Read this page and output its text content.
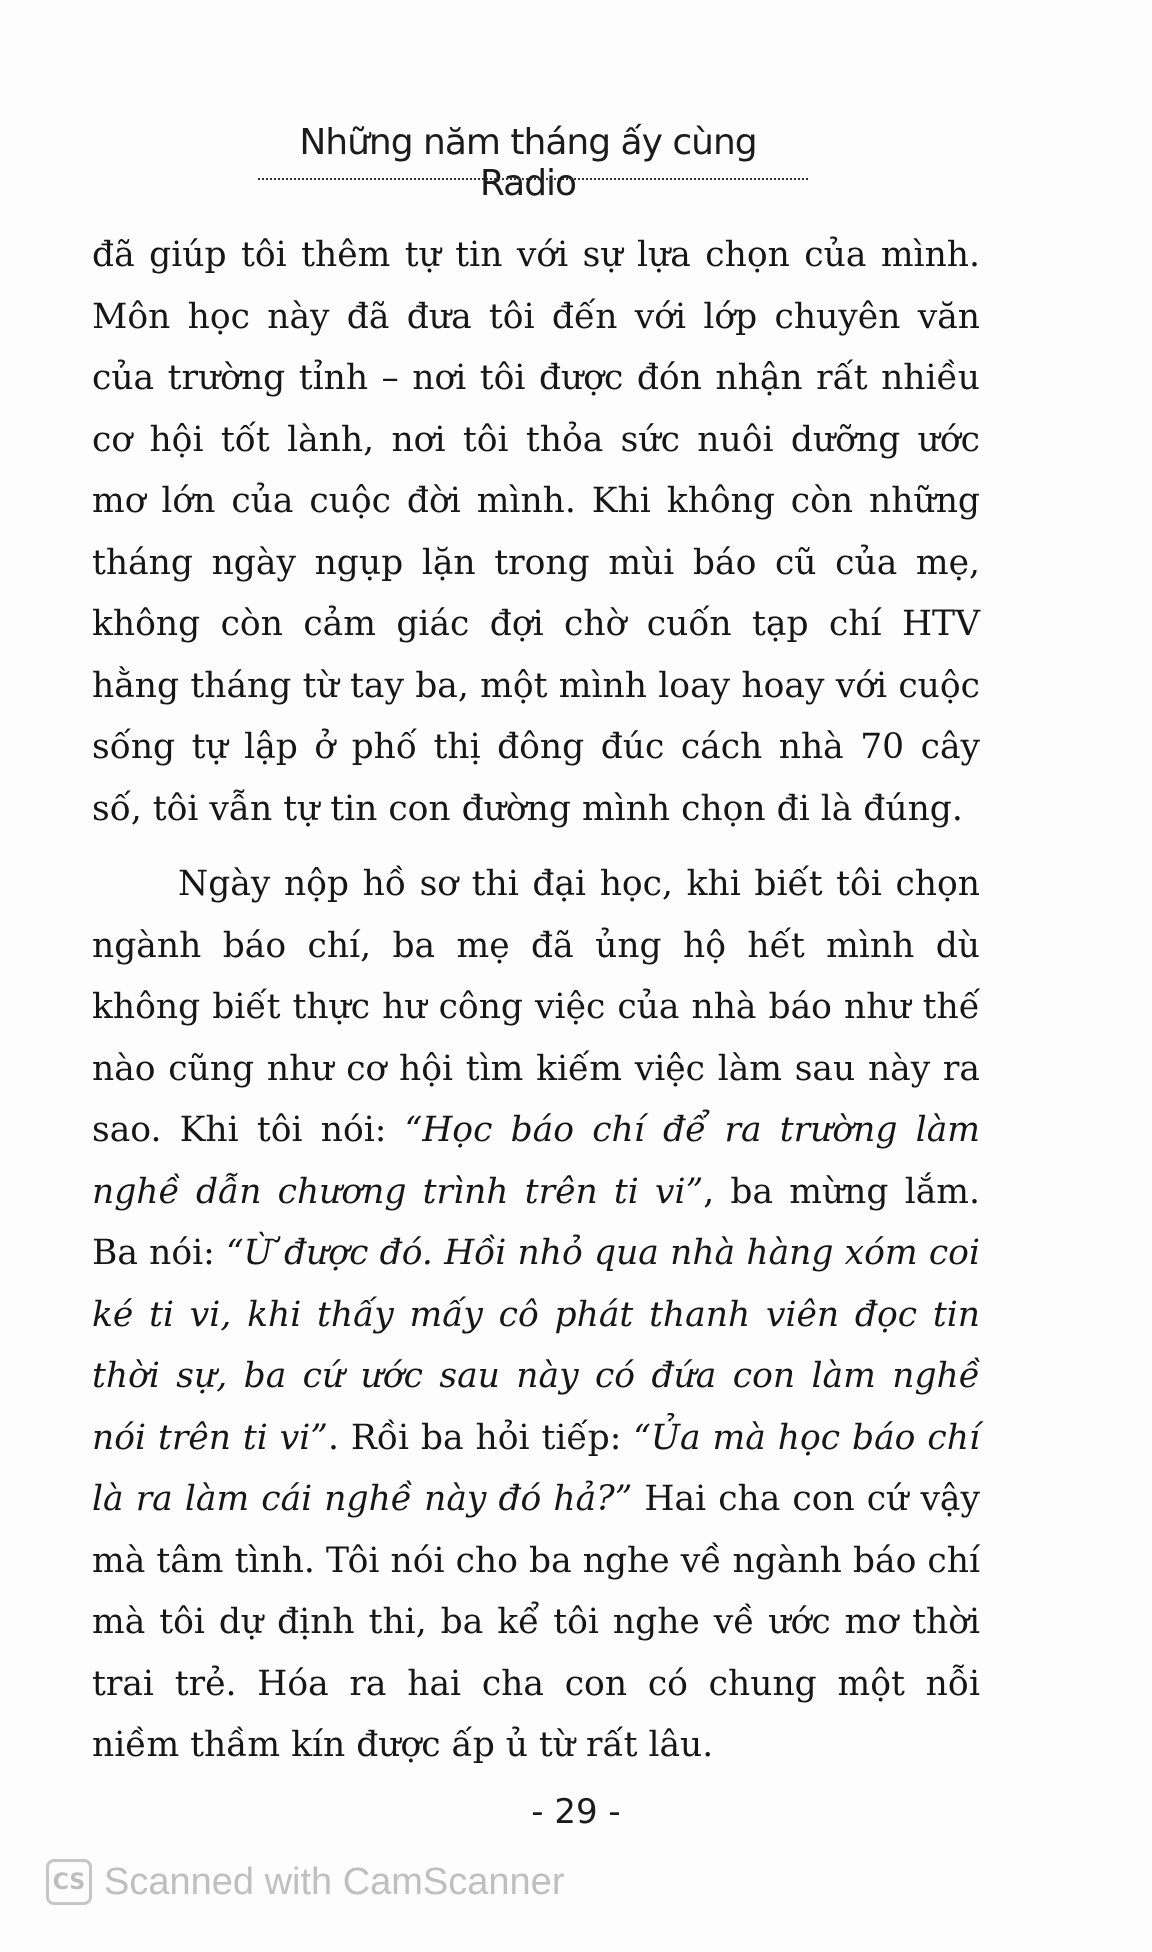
Những năm tháng ấy cùng Radio

đã giúp tôi thêm tự tin với sự lựa chọn của mình. Môn học này đã đưa tôi đến với lớp chuyên văn của trường tỉnh – nơi tôi được đón nhận rất nhiều cơ hội tốt lành, nơi tôi thỏa sức nuôi dưỡng ước mơ lớn của cuộc đời mình. Khi không còn những tháng ngày ngụp lặn trong mùi báo cũ của mẹ, không còn cảm giác đợi chờ cuốn tạp chí HTV hằng tháng từ tay ba, một mình loay hoay với cuộc sống tự lập ở phố thị đông đúc cách nhà 70 cây số, tôi vẫn tự tin con đường mình chọn đi là đúng.

Ngày nộp hồ sơ thi đại học, khi biết tôi chọn ngành báo chí, ba mẹ đã ủng hộ hết mình dù không biết thực hư công việc của nhà báo như thế nào cũng như cơ hội tìm kiếm việc làm sau này ra sao. Khi tôi nói: “Học báo chí để ra trường làm nghề dẫn chương trình trên ti vi”, ba mừng lắm. Ba nói: “Ừ được đó. Hồi nhỏ qua nhà hàng xóm coi ké ti vi, khi thấy mấy cô phát thanh viên đọc tin thời sự, ba cứ ước sau này có đứa con làm nghề nói trên ti vi”. Rồi ba hỏi tiếp: “Ủa mà học báo chí là ra làm cái nghề này đó hả?” Hai cha con cứ vậy mà tâm tình. Tôi nói cho ba nghe về ngành báo chí mà tôi dự định thi, ba kể tôi nghe về ước mơ thời trai trẻ. Hóa ra hai cha con có chung một nỗi niềm thầm kín được ấp ủ từ rất lâu.

- 29 -
CS Scanned with CamScanner
